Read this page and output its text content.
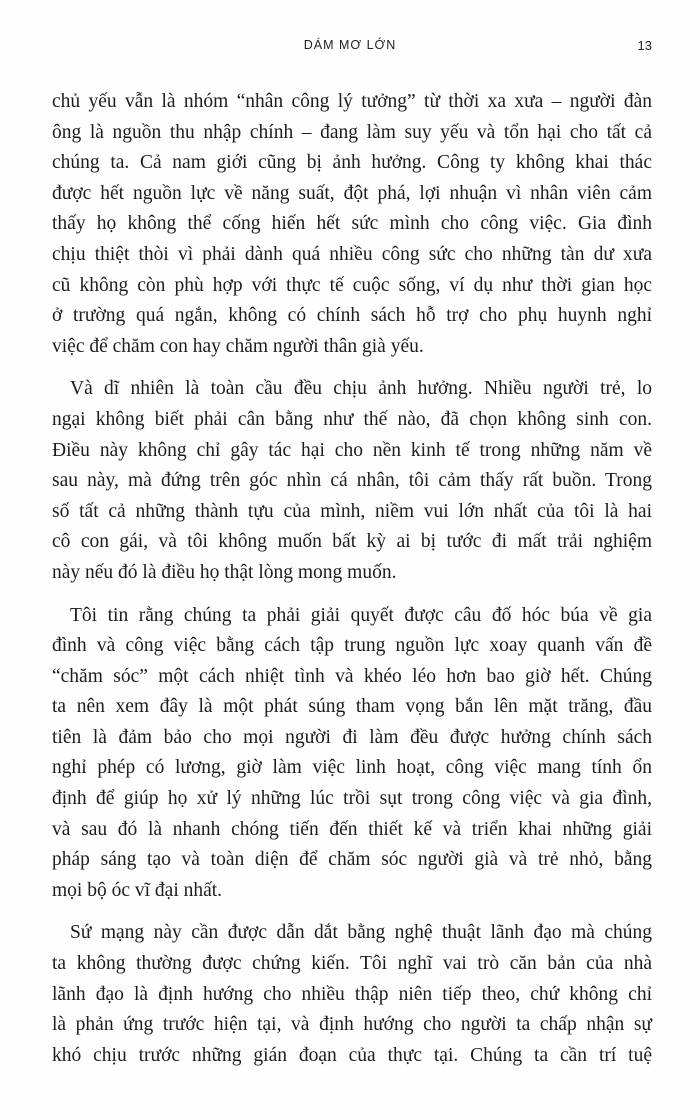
DÁM MƠ LỚN	13

chủ yếu vẫn là nhóm “nhân công lý tưởng” từ thời xa xưa – người đàn
ông là nguồn thu nhập chính – đang làm suy yếu và tổn hại cho tất cả
chúng ta. Cả nam giới cũng bị ảnh hưởng. Công ty không khai thác
được hết nguồn lực về năng suất, đột phá, lợi nhuận vì nhân viên cảm
thấy họ không thể cống hiến hết sức mình cho công việc. Gia đình
chịu thiệt thòi vì phải dành quá nhiều công sức cho những tàn dư xưa
cũ không còn phù hợp với thực tế cuộc sống, ví dụ như thời gian học
ở trường quá ngắn, không có chính sách hỗ trợ cho phụ huynh nghỉ
việc để chăm con hay chăm người thân già yếu.

Và dĩ nhiên là toàn cầu đều chịu ảnh hưởng. Nhiều người trẻ, lo
ngại không biết phải cân bằng như thế nào, đã chọn không sinh con.
Điều này không chỉ gây tác hại cho nền kinh tế trong những năm về
sau này, mà đứng trên góc nhìn cá nhân, tôi cảm thấy rất buồn. Trong
số tất cả những thành tựu của mình, niềm vui lớn nhất của tôi là hai
cô con gái, và tôi không muốn bất kỳ ai bị tước đi mất trải nghiệm
này nếu đó là điều họ thật lòng mong muốn.

Tôi tin rằng chúng ta phải giải quyết được câu đố hóc búa về gia
đình và công việc bằng cách tập trung nguồn lực xoay quanh vấn đề
“chăm sóc” một cách nhiệt tình và khéo léo hơn bao giờ hết. Chúng
ta nên xem đây là một phát súng tham vọng bắn lên mặt trăng, đầu
tiên là đảm bảo cho mọi người đi làm đều được hưởng chính sách
nghỉ phép có lương, giờ làm việc linh hoạt, công việc mang tính ổn
định để giúp họ xử lý những lúc trồi sụt trong công việc và gia đình,
và sau đó là nhanh chóng tiến đến thiết kế và triển khai những giải
pháp sáng tạo và toàn diện để chăm sóc người già và trẻ nhỏ, bằng
mọi bộ óc vĩ đại nhất.

Sứ mạng này cần được dẫn dắt bằng nghệ thuật lãnh đạo mà chúng
ta không thường được chứng kiến. Tôi nghĩ vai trò căn bản của nhà
lãnh đạo là định hướng cho nhiều thập niên tiếp theo, chứ không chỉ
là phản ứng trước hiện tại, và định hướng cho người ta chấp nhận sự
khó chịu trước những gián đoạn của thực tại. Chúng ta cần trí tuệ
